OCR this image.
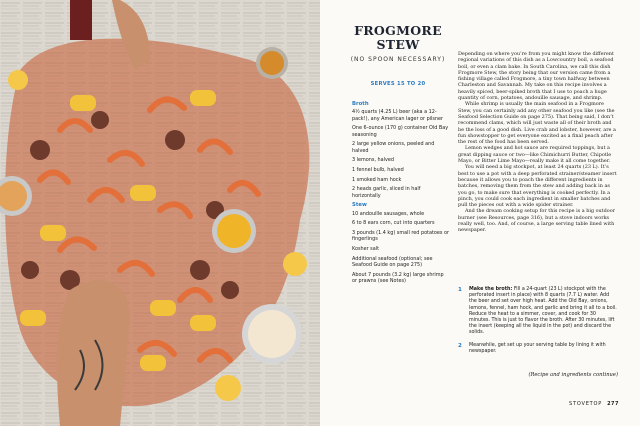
FROGMORE STEW
(NO SPOON NECESSARY)
SERVES 15 TO 20
Broth
4½ quarts (4.25 L) beer (aka a 12-pack!), any American lager or pilsner
One 6-ounce (170 g) container Old Bay seasoning
2 large yellow onions, peeled and halved
3 lemons, halved
1 fennel bulb, halved
1 smoked ham hock
2 heads garlic, sliced in half horizontally
Stew
10 andouille sausages, whole
6 to 8 ears corn, cut into quarters
3 pounds (1.4 kg) small red potatoes or fingerlings
Kosher salt
Additional seafood (optional; see Seafood Guide on page 275)
About 7 pounds (3.2 kg) large shrimp or prawns (see Notes)

Depending on where you’re from you might know the different regional variations of this dish as a Lowcountry boil, a seafood boil, or even a clam bake. In South Carolina, we call this dish Frogmore Stew, the story being that our version came from a fishing village called Frogmore, a tiny town halfway between Charleston and Savannah. My take on this recipe involves a heavily spiced, beer-spiked broth that I use to poach a huge quantity of corn, potatoes, andouille sausage, and shrimp.

While shrimp is usually the main seafood in a Frogmore Stew, you can certainly add any other seafood you like (see the Seafood Selection Guide on page 275). That being said, I don’t recommend clams, which will just waste all of their broth and be the loss of a good dish. Live crab and lobster, however, are a fun showstopper to get everyone excited as a final peach after the rest of the food has been served.

Lemon wedges and hot sauce are required toppings, but a great dipping sauce or two—like Chimichurri Butter, Chipotle Mayo, or Bitter Lime Mayo—really make it all come together.

You will need a big stockpot, at least 24 quarts (23 L). It’s best to use a pot with a deep perforated strainer/steamer insert because it allows you to poach the different ingredients in batches, removing them from the stew and adding back in as you go, to make sure that everything is cooked perfectly. In a pinch, you could cook each ingredient in smaller batches and pull the pieces out with a wide spider strainer.

And the dream cooking setup for this recipe is a big outdoor burner (see Resources, page 316), but a stove indoors works really well, too. And, of course, a large serving table lined with newspaper.

1 Make the broth: Fill a 24-quart (23 L) stockpot with the perforated insert in place) with 8 quarts (7.7 L) water. Add the beer and set over high heat. Add the Old Bay, onions, lemons, fennel, ham hock, and garlic and bring it all to a boil. Reduce the heat to a simmer, cover, and cook for 30 minutes. This is just to flavor the broth. After 30 minutes, lift the insert (keeping all the liquid in the pot) and discard the solids.
2 Meanwhile, get set up your serving table by lining it with newspaper.
(Recipe and ingredients continue)
STOVETOP 277
